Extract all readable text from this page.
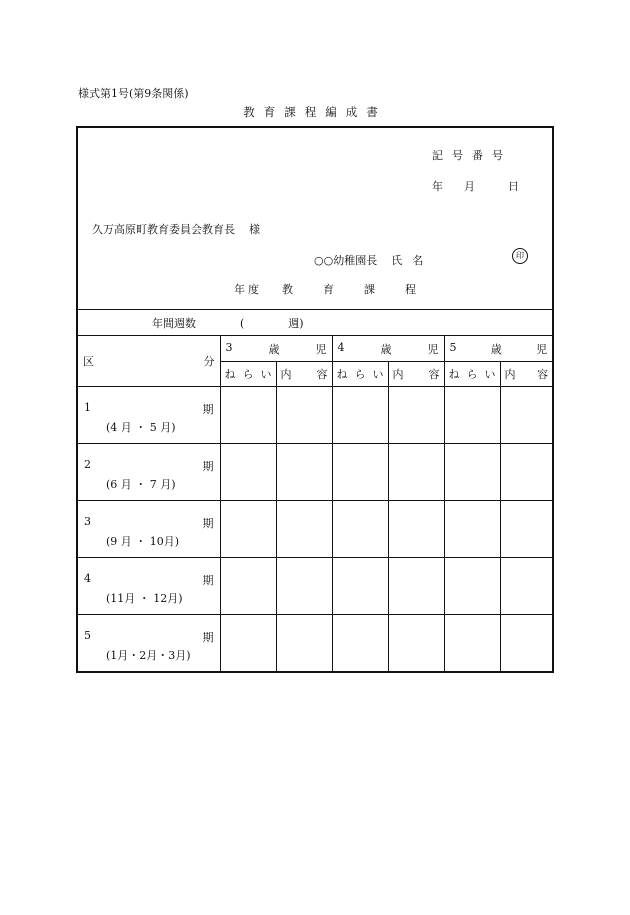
様式第1号(第9条関係)
教育課程編成書
記号番号
年 月	日
久万高原町教育委員会教育長 様
○○幼稚園長 氏名	印
年度 教育課程
年間週数 ( 週)						

区 分	3 歳 児		4 歳 児		5 歳 児	

	ね ら い	内 容	ね ら い	内 容	ね ら い	内 容

1 期
(4 月 ・ 5 月)						

2 期
(6 月 ・ 7 月)						

3 期
(9 月 ・ 10月)						

4 期
(11月 ・ 12月)						

5 期
(1月・2月・3月)						
